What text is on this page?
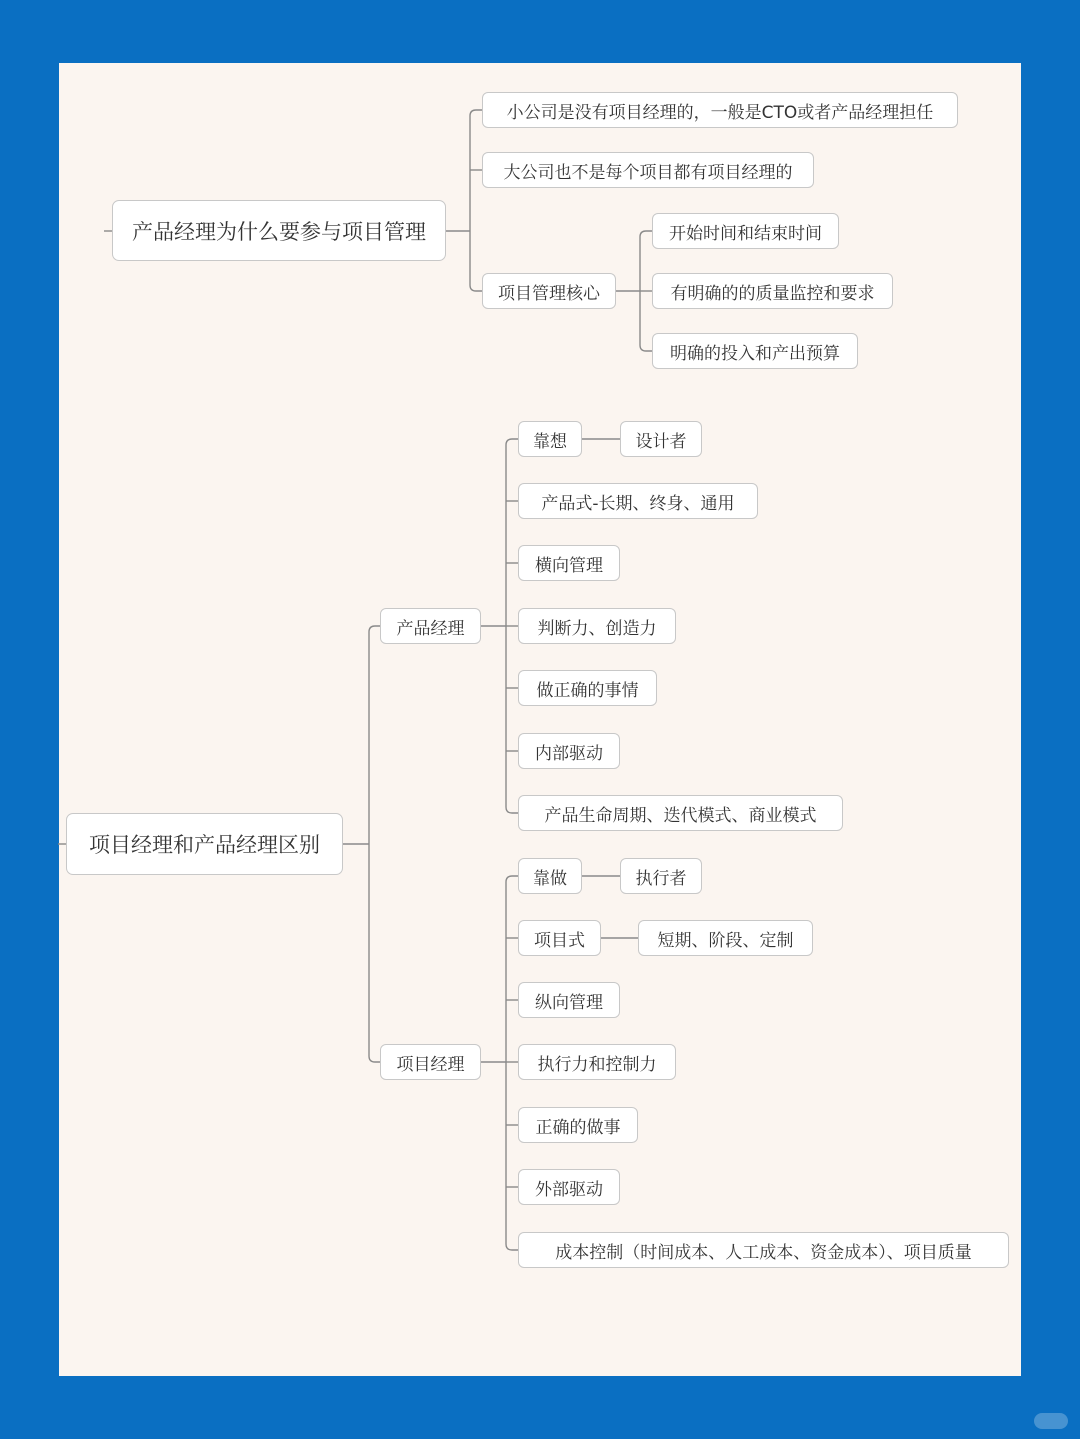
产品经理为什么要参与项目管理
小公司是没有项目经理的，一般是CTO或者产品经理担任
大公司也不是每个项目都有项目经理的
项目管理核心
开始时间和结束时间
有明确的的质量监控和要求
明确的投入和产出预算
项目经理和产品经理区别
产品经理
靠想	设计者
产品式-长期、终身、通用
横向管理
判断力、创造力
做正确的事情
内部驱动
产品生命周期、迭代模式、商业模式
项目经理
靠做	执行者
项目式	短期、阶段、定制
纵向管理
执行力和控制力
正确的做事
外部驱动
成本控制（时间成本、人工成本、资金成本）、项目质量
